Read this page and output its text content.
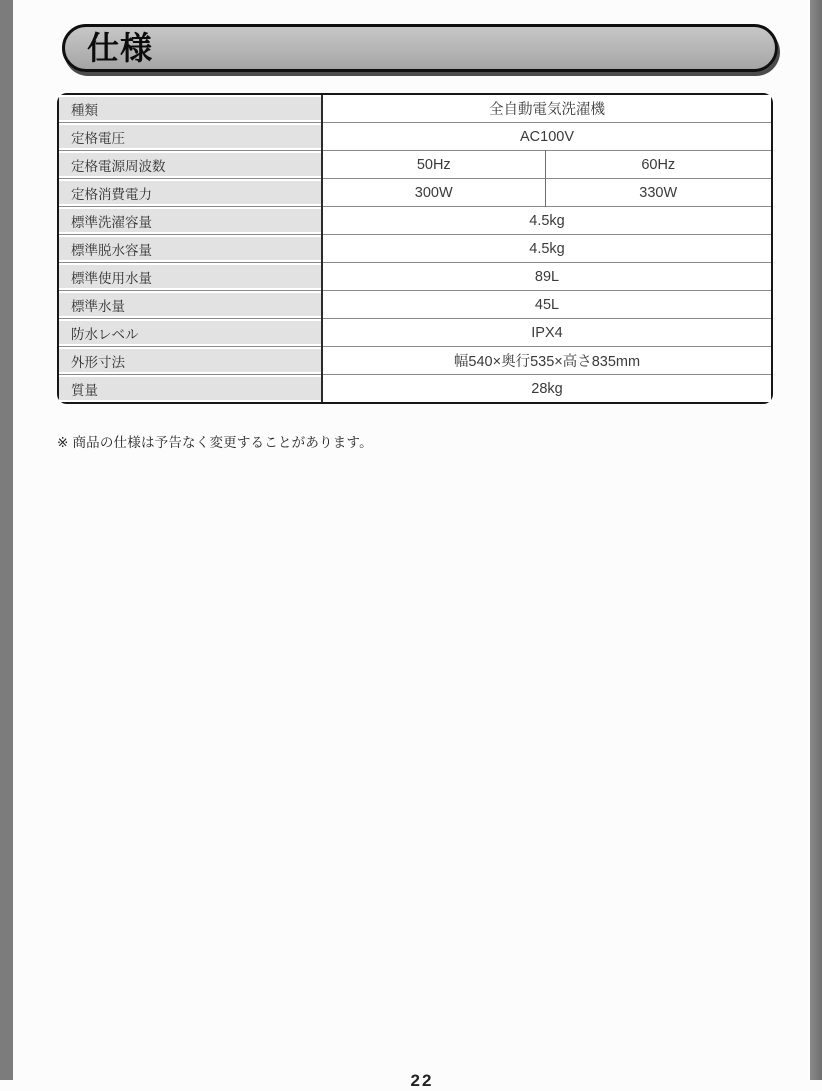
仕様
種類	全自動電気洗濯機	
定格電圧	AC100V	
定格電源周波数	50Hz	60Hz
定格消費電力	300W	330W
標準洗濯容量	4.5kg	
標準脱水容量	4.5kg	
標準使用水量	89L	
標準水量	45L	
防水レベル	IPX4	
外形寸法	幅540×奥行535×高さ835mm	
質量	28kg	
※ 商品の仕様は予告なく変更することがあります。
22
